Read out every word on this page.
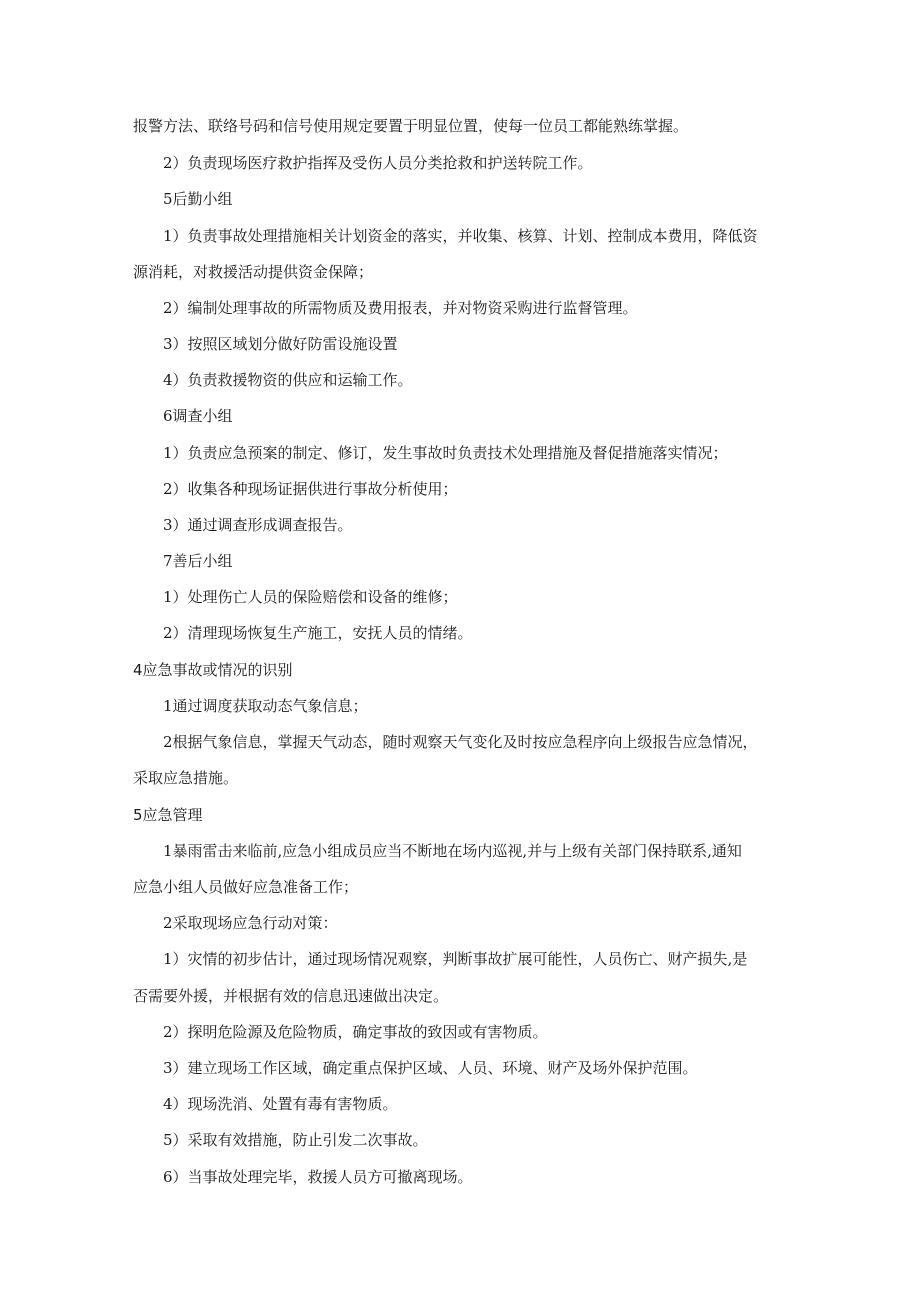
报警方法、联络号码和信号使用规定要置于明显位置，使每一位员工都能熟练掌握。
2）负责现场医疗救护指挥及受伤人员分类抢救和护送转院工作。
5后勤小组
1）负责事故处理措施相关计划资金的落实，并收集、核算、计划、控制成本费用，降低资
源消耗，对救援活动提供资金保障；
2）编制处理事故的所需物质及费用报表，并对物资采购进行监督管理。
3）按照区域划分做好防雷设施设置
4）负责救援物资的供应和运输工作。
6调查小组
1）负责应急预案的制定、修订，发生事故时负责技术处理措施及督促措施落实情况；
2）收集各种现场证据供进行事故分析使用；
3）通过调查形成调查报告。
7善后小组
1）处理伤亡人员的保险赔偿和设备的维修；
2）清理现场恢复生产施工，安抚人员的情绪。
4应急事故或情况的识别
1通过调度获取动态气象信息；
2根据气象信息，掌握天气动态，随时观察天气变化及时按应急程序向上级报告应急情况，
采取应急措施。
5应急管理
1暴雨雷击来临前,应急小组成员应当不断地在场内巡视,并与上级有关部门保持联系,通知
应急小组人员做好应急准备工作；
2采取现场应急行动对策：
1）灾情的初步估计，通过现场情况观察，判断事故扩展可能性，人员伤亡、财产损失,是
否需要外援，并根据有效的信息迅速做出决定。
2）探明危险源及危险物质，确定事故的致因或有害物质。
3）建立现场工作区域，确定重点保护区域、人员、环境、财产及场外保护范围。
4）现场洗消、处置有毒有害物质。
5）采取有效措施，防止引发二次事故。
6）当事故处理完毕，救援人员方可撤离现场。
